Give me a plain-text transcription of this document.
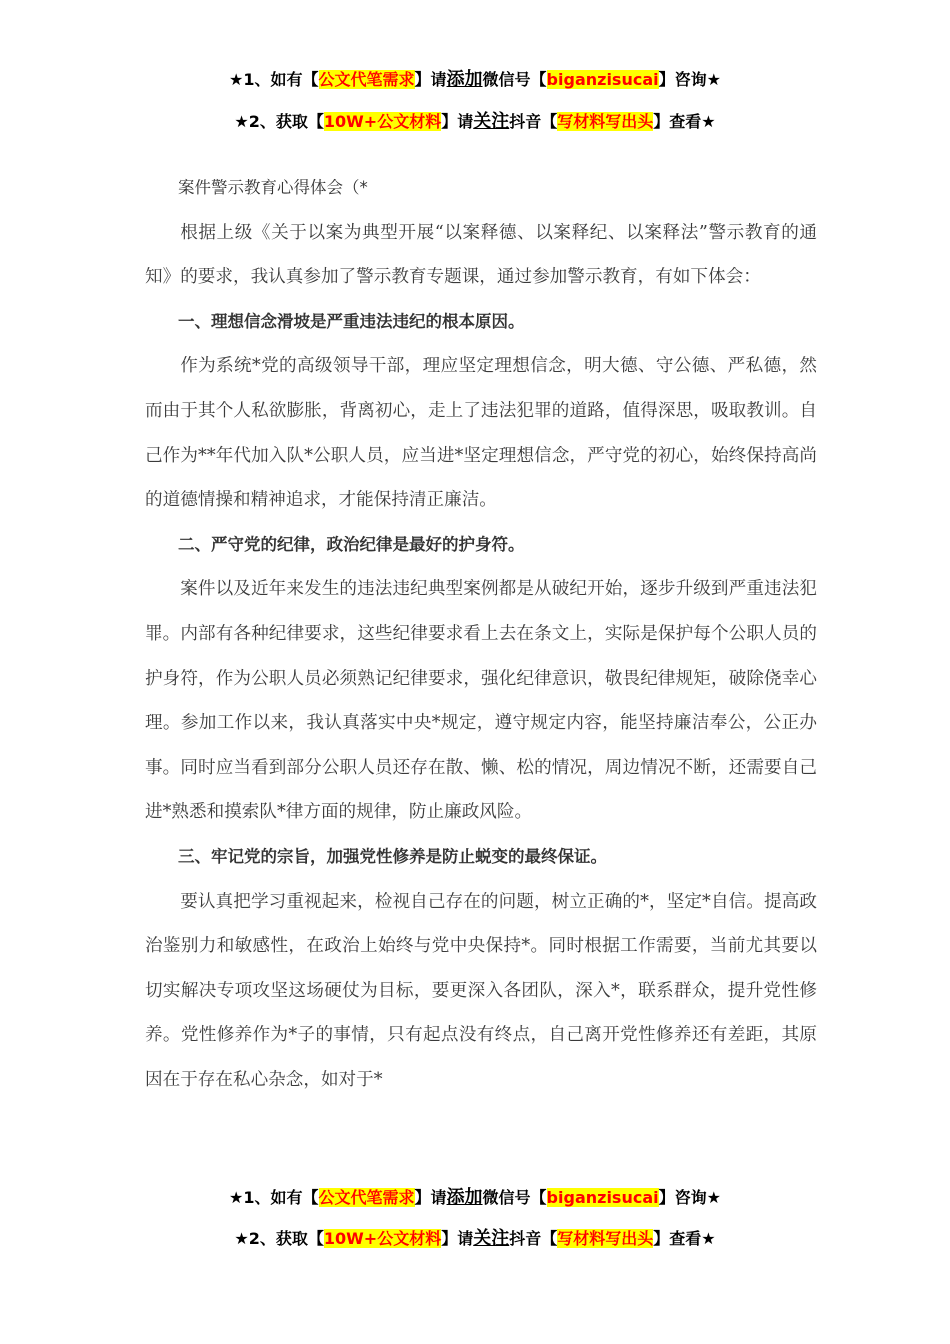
★1、如有【公文代笔需求】请添加微信号【biganzisucai】咨询★
★2、获取【10W+公文材料】请关注抖音【写材料写出头】查看★

案件警示教育心得体会（*

根据上级《关于以案为典型开展“以案释德、以案释纪、以案释法”警示教育的通知》的要求，我认真参加了警示教育专题课，通过参加警示教育，有如下体会：

一、理想信念滑坡是严重违法违纪的根本原因。

作为系统*党的高级领导干部，理应坚定理想信念，明大德、守公德、严私德，然而由于其个人私欲膨胀，背离初心，走上了违法犯罪的道路，值得深思，吸取教训。自己作为**年代加入队*公职人员，应当进*坚定理想信念，严守党的初心，始终保持高尚的道德情操和精神追求，才能保持清正廉洁。

二、严守党的纪律，政治纪律是最好的护身符。

案件以及近年来发生的违法违纪典型案例都是从破纪开始，逐步升级到严重违法犯罪。内部有各种纪律要求，这些纪律要求看上去在条文上，实际是保护每个公职人员的护身符，作为公职人员必须熟记纪律要求，强化纪律意识，敬畏纪律规矩，破除侥幸心理。参加工作以来，我认真落实中央*规定，遵守规定内容，能坚持廉洁奉公，公正办事。同时应当看到部分公职人员还存在散、懒、松的情况，周边情况不断，还需要自己进*熟悉和摸索队*律方面的规律，防止廉政风险。

三、牢记党的宗旨，加强党性修养是防止蜕变的最终保证。

要认真把学习重视起来，检视自己存在的问题，树立正确的*，坚定*自信。提高政治鉴别力和敏感性，在政治上始终与党中央保持*。同时根据工作需要，当前尤其要以切实解决专项攻坚这场硬仗为目标，要更深入各团队，深入*，联系群众，提升党性修养。党性修养作为*子的事情，只有起点没有终点，自己离开党性修养还有差距，其原因在于存在私心杂念，如对于*

★1、如有【公文代笔需求】请添加微信号【biganzisucai】咨询★
★2、获取【10W+公文材料】请关注抖音【写材料写出头】查看★
